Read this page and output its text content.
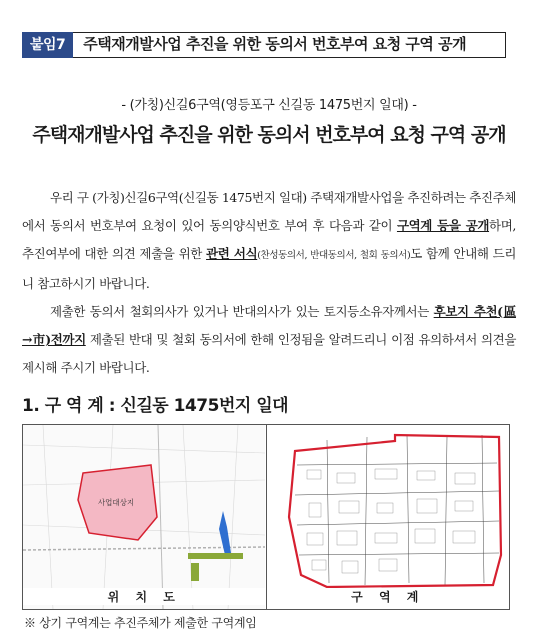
붙임7	주택재개발사업 추진을 위한 동의서 번호부여 요청 구역 공개
- (가칭)신길6구역(영등포구 신길동 1475번지 일대) -
주택재개발사업 추진을 위한 동의서 번호부여 요청 구역 공개

우리 구 (가칭)신길6구역(신길동 1475번지 일대) 주택재개발사업을 추진하려는 추진주체에서 동의서 번호부여 요청이 있어 동의양식번호 부여 후 다음과 같이 구역계 등을 공개하며, 추진여부에 대한 의견 제출을 위한 관련 서식(찬성동의서, 반대동의서, 철회 동의서)도 함께 안내해 드리니 참고하시기 바랍니다.

제출한 동의서 철회의사가 있거나 반대의사가 있는 토지등소유자께서는 후보지 추천(區 →市)전까지 제출된 반대 및 철회 동의서에 한해 인정됨을 알려드리니 이점 유의하셔서 의견을 제시해 주시기 바랍니다.

1. 구 역 계 : 신길동 1475번지 일대
사업대상지
위 치 도	구 역 계
※ 상기 구역계는 추진주체가 제출한 구역계임
